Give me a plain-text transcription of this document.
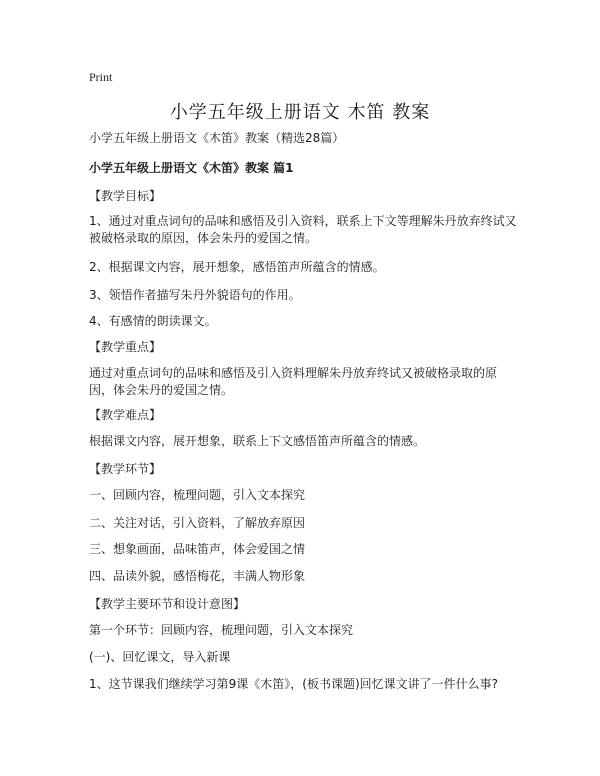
Print
小学五年级上册语文 木笛 教案
小学五年级上册语文《木笛》教案（精选28篇）
小学五年级上册语文《木笛》教案 篇1
【教学目标】
1、通过对重点词句的品味和感悟及引入资料，联系上下文等理解朱丹放弃终试又被破格录取的原因，体会朱丹的爱国之情。
2、根据课文内容，展开想象，感悟笛声所蕴含的情感。
3、领悟作者描写朱丹外貌语句的作用。
4、有感情的朗读课文。
【教学重点】
通过对重点词句的品味和感悟及引入资料理解朱丹放弃终试又被破格录取的原因，体会朱丹的爱国之情。
【教学难点】
根据课文内容，展开想象，联系上下文感悟笛声所蕴含的情感。
【教学环节】
一、回顾内容，梳理问题，引入文本探究
二、关注对话，引入资料，了解放弃原因
三、想象画面，品味笛声，体会爱国之情
四、品读外貌，感悟梅花，丰满人物形象
【教学主要环节和设计意图】
第一个环节：回顾内容，梳理问题，引入文本探究
(一)、回忆课文，导入新课
1、这节课我们继续学习第9课《木笛》，(板书课题)回忆课文讲了一件什么事?
